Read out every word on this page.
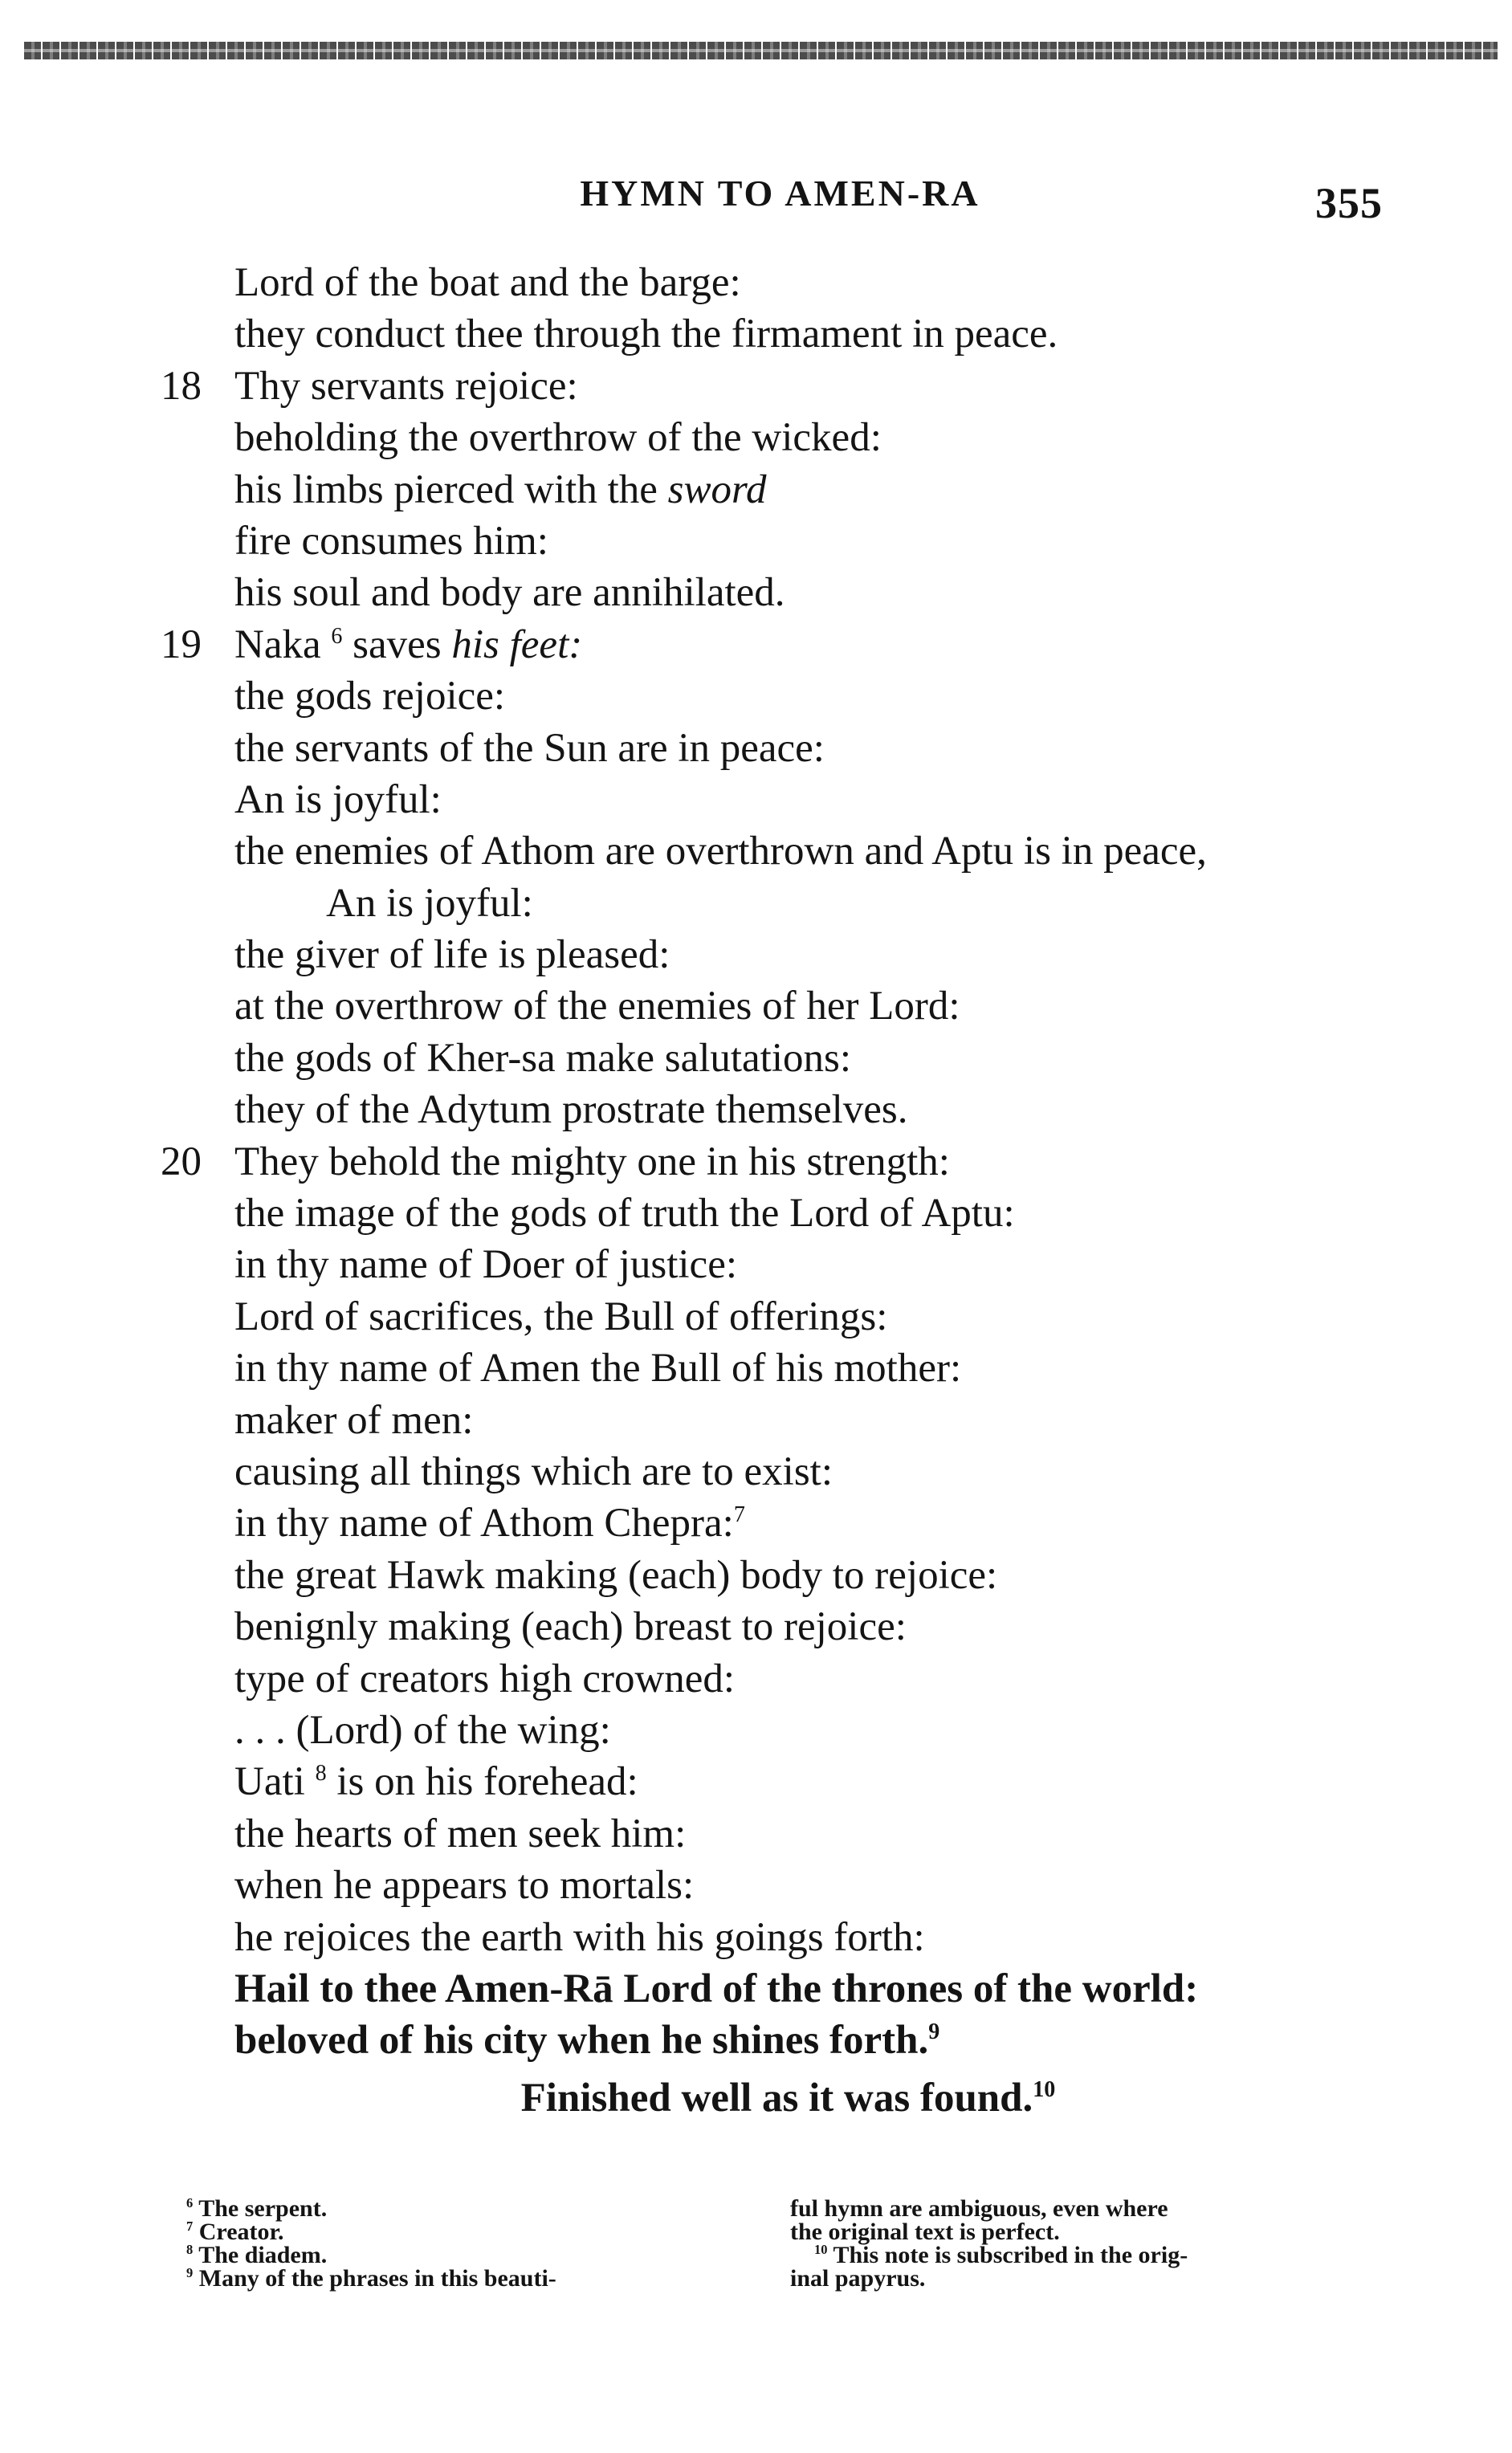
HYMN TO AMEN-RA	355
Lord of the boat and the barge:
they conduct thee through the firmament in peace.
18 Thy servants rejoice:
beholding the overthrow of the wicked:
his limbs pierced with the sword
fire consumes him:
his soul and body are annihilated.
19 Naka $^6$ saves his feet:
the gods rejoice:
the servants of the Sun are in peace:
An is joyful:
the enemies of Athom are overthrown and Aptu is in peace,
An is joyful:
the giver of life is pleased:
at the overthrow of the enemies of her Lord:
the gods of Kher-sa make salutations:
they of the Adytum prostrate themselves.
20 They behold the mighty one in his strength:
the image of the gods of truth the Lord of Aptu:
in thy name of Doer of justice:
Lord of sacrifices, the Bull of offerings:
in thy name of Amen the Bull of his mother:
maker of men:
causing all things which are to exist:
in thy name of Athom Chepra:$^7$
the great Hawk making (each) body to rejoice:
benignly making (each) breast to rejoice:
type of creators high crowned:
. . . (Lord) of the wing:
Uati $^8$ is on his forehead:
the hearts of men seek him:
when he appears to mortals:
he rejoices the earth with his goings forth:
Hail to thee Amen-Rā Lord of the thrones of the world:
beloved of his city when he shines forth.$^9$
Finished well as it was found.$^{10}$
$^6$ The serpent.
$^7$ Creator.
$^8$ The diadem.
$^9$ Many of the phrases in this beauti-
ful hymn are ambiguous, even where
the original text is perfect.
$^{10}$ This note is subscribed in the orig-
inal papyrus.
